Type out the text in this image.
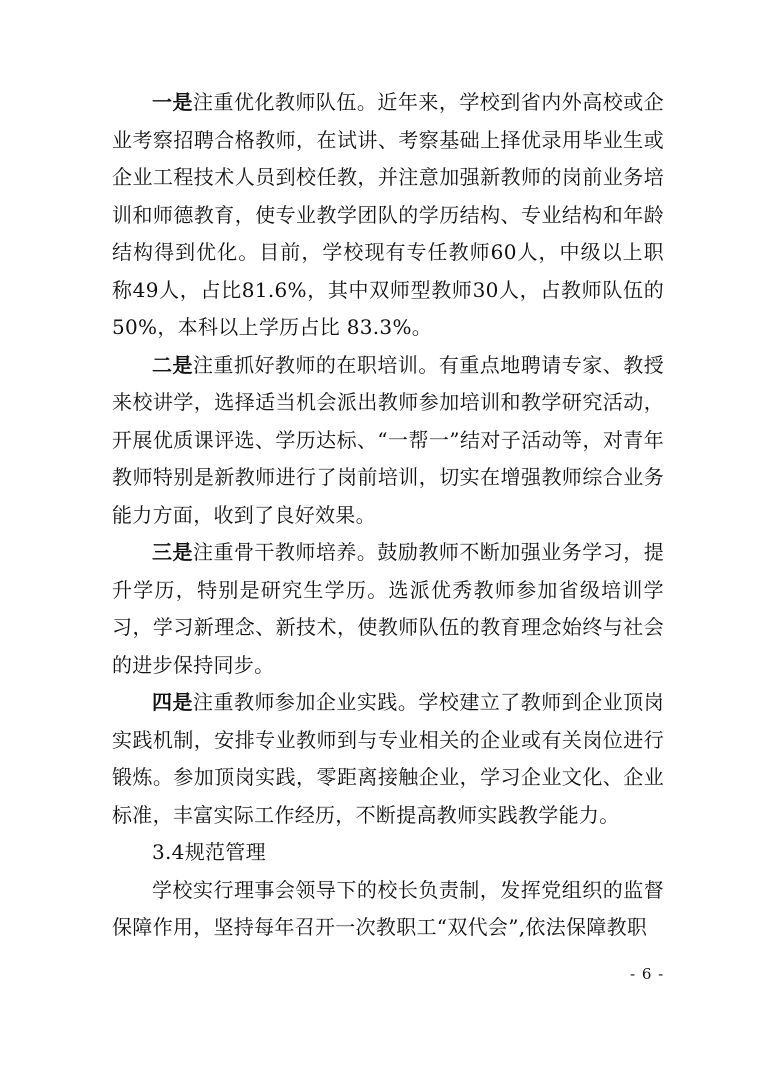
一是注重优化教师队伍。近年来，学校到省内外高校或企业考察招聘合格教师，在试讲、考察基础上择优录用毕业生或企业工程技术人员到校任教，并注意加强新教师的岗前业务培训和师德教育，使专业教学团队的学历结构、专业结构和年龄结构得到优化。目前，学校现有专任教师60人，中级以上职称49人，占比81.6%，其中双师型教师30人，占教师队伍的50%，本科以上学历占比 83.3%。

二是注重抓好教师的在职培训。有重点地聘请专家、教授来校讲学，选择适当机会派出教师参加培训和教学研究活动，开展优质课评选、学历达标、“一帮一”结对子活动等，对青年教师特别是新教师进行了岗前培训，切实在增强教师综合业务能力方面，收到了良好效果。

三是注重骨干教师培养。鼓励教师不断加强业务学习，提升学历，特别是研究生学历。选派优秀教师参加省级培训学习，学习新理念、新技术，使教师队伍的教育理念始终与社会的进步保持同步。

四是注重教师参加企业实践。学校建立了教师到企业顶岗实践机制，安排专业教师到与专业相关的企业或有关岗位进行锻炼。参加顶岗实践，零距离接触企业，学习企业文化、企业标准，丰富实际工作经历，不断提高教师实践教学能力。

3.4规范管理

学校实行理事会领导下的校长负责制，发挥党组织的监督保障作用，坚持每年召开一次教职工“双代会”,依法保障教职

- 6 -
